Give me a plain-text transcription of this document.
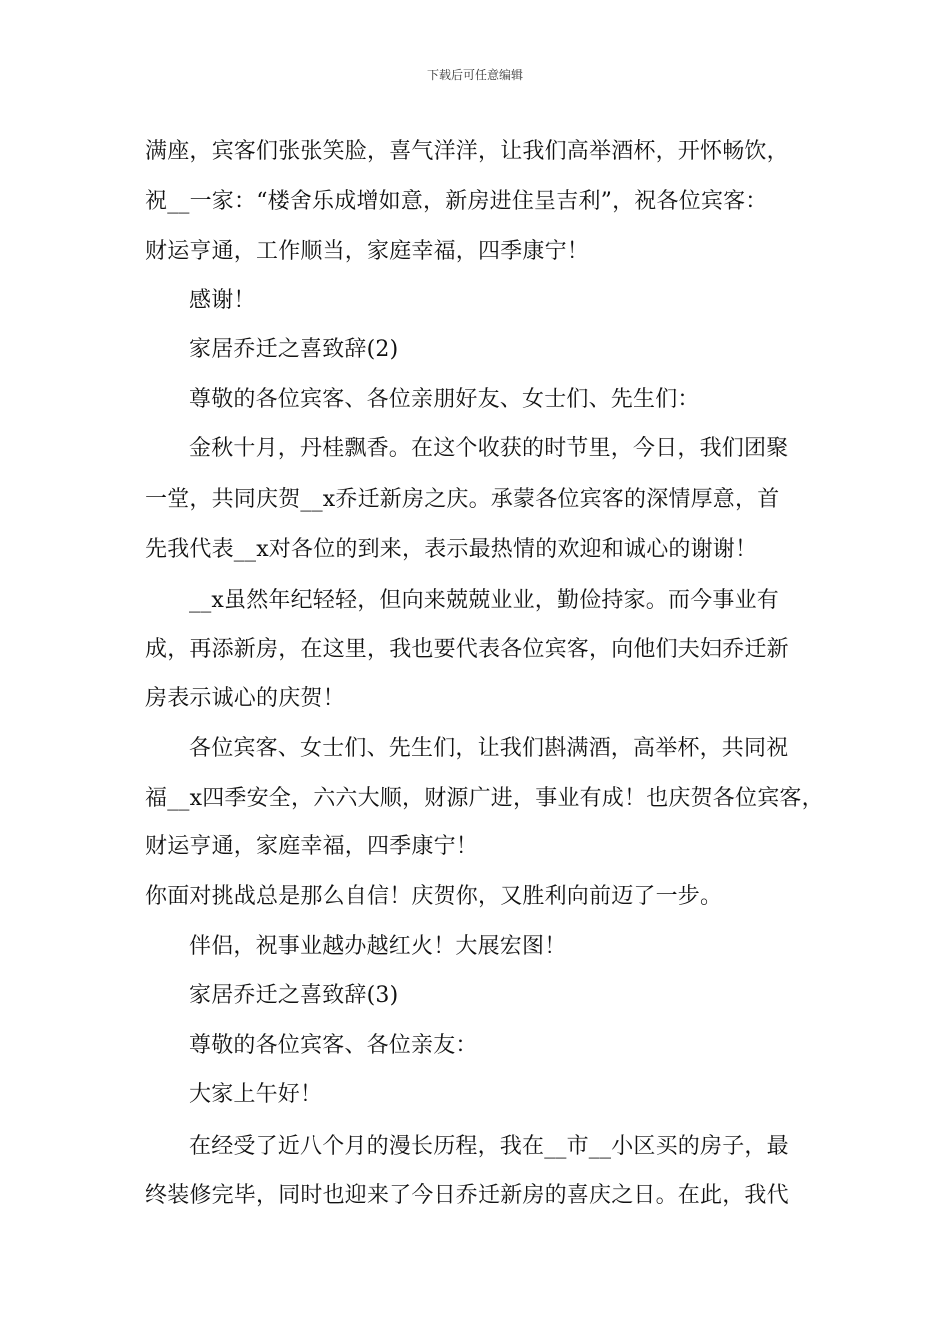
下载后可任意编辑
满座，宾客们张张笑脸，喜气洋洋，让我们高举酒杯，开怀畅饮，
祝__一家：“楼舍乐成增如意，新房进住呈吉利”，祝各位宾客：
财运亨通，工作顺当，家庭幸福，四季康宁！
感谢！
家居乔迁之喜致辞(2)
尊敬的各位宾客、各位亲朋好友、女士们、先生们：
金秋十月，丹桂飘香。在这个收获的时节里，今日，我们团聚
一堂，共同庆贺__x乔迁新房之庆。承蒙各位宾客的深情厚意，首
先我代表__x对各位的到来，表示最热情的欢迎和诚心的谢谢！
__x虽然年纪轻轻，但向来兢兢业业，勤俭持家。而今事业有
成，再添新房，在这里，我也要代表各位宾客，向他们夫妇乔迁新
房表示诚心的庆贺！
各位宾客、女士们、先生们，让我们斟满酒，高举杯，共同祝
福__x四季安全，六六大顺，财源广进，事业有成！也庆贺各位宾客，
财运亨通，家庭幸福，四季康宁！
你面对挑战总是那么自信！庆贺你，又胜利向前迈了一步。
伴侣，祝事业越办越红火！大展宏图！
家居乔迁之喜致辞(3)
尊敬的各位宾客、各位亲友：
大家上午好！
在经受了近八个月的漫长历程，我在__市__小区买的房子，最
终装修完毕，同时也迎来了今日乔迁新房的喜庆之日。在此，我代
